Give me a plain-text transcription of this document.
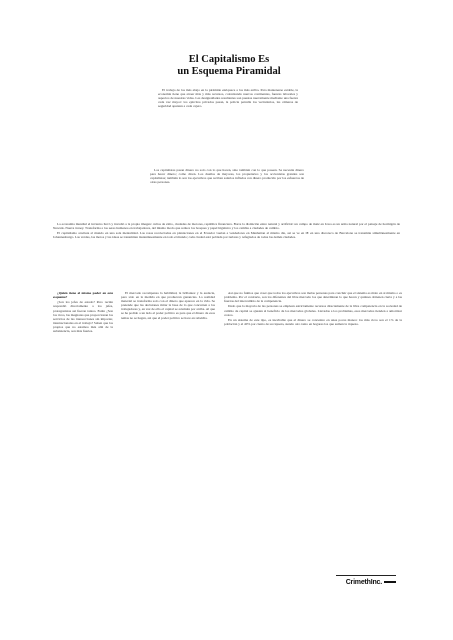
El Capitalismo Es
un Esquema Piramidal

El trabajo de los más abajo en la pirámide enriquece a los más arriba. Para mantenerse estable, la economía tiene que atraer más y más recursos, colonizando nuevos continentes, fuerzas laborales y aspectos de nuestras vidas. Las desigualdades resultantes son puestas nuevamente mediante una fuerza cada vez mayor: los ejércitos privados pasan, la policía patrulla los vecindarios, las cámaras de seguridad apuntan a cada cajero.

Los capitalistas pasan dinero no solo con lo que hacen, sino también con lo que poseen. Se necesita dinero para hacer dinero; como dicen. Los dueños de mayores, los propietarios y los accionistas grandes son capitalistas; también lo son los ejecutivos que reciben salarios inflados con dinero producido por los esfuerzos de otras personas.

La economía mundial el invierno llevó y invadió a la propia imagen: cultos de éxito, ciudades de motores, república financiera. Borre la distinción entre natural y artificial: un campo de maíz en Iowa es un arma natural por el paisaje de hormigón de Newark. Nueva Jersey. Transforma a los seres humanos en trabajadores, del mismo modo que reduce los bosques y papel higiénico y los cambia a ciudades de cambio.

El capitalismo arrebata al mundo en una sola mentalidad. Las rosas recolectadas en plantaciones en el Ecuador vuelan a vendedores en Manhattan al mismo día, así se ve en IE en una discoteca de Barcelona se transmite simultáneamente en Johannesburgo. Las verdes, las motos y las ideas se transmiten instantáneamente en todo el mundo; cada ciudad está poblada por turistas y refugiados de todas las demás ciudades.

¿Quién tiene el mismo poder en este esquema?

¿Son los jefes de estado? Pero recién respondió directamente a los jefes, protagonistas así fueron tantos. Están ¿Son los ricos, las magnates que proporcionan los servicios de las transacciones sin importar, internacionales en el trabajo? Saben que los propios que no estamos más allá de la subsistencia, son más fuertes.

El mercado recompensa la habilidad, la brillantez y la audacia, pero sólo en la medida en que produzcan ganancias. La realidad material se transforma solo con el dinero que aparece en la vida. Se pretende que las decisiones mirar la base de lo que concurren a los trabajadores y, en vez de ello el capital se acumula por arriba. Al que se ha podido a un lado el poder político es para que el dinero de esos temas no se hagan, así que el poder político se hace en rebeldía.

Así que no fuimos que creer que todos los ejecutivos son malas personas para concluir que el sistema es malo en sí mismo o es problema. Por el contrario, son los diferentes del libre mercado los que determinan lo que hacen y quiénes obtienen cierta y a las fuerzas del intercambio de la competencia.

Dado que la mayoría de las personas se emplean estrictamente recursos directamente de la libre competencia en la sociedad de cambio de capital se ajustan al beneficio de los mercados globales. Llevadas a los problemas, esos mercados tienden a amortizar costos.

En un sistema de este tipo, es inevitable que el dinero se concentre en unas pocas manos: los más ricos son el 1% de la población y el 40% por ciento de su riqueza, siendo otro tanto en hogares los que suman la riqueza.

CrimethInc.
